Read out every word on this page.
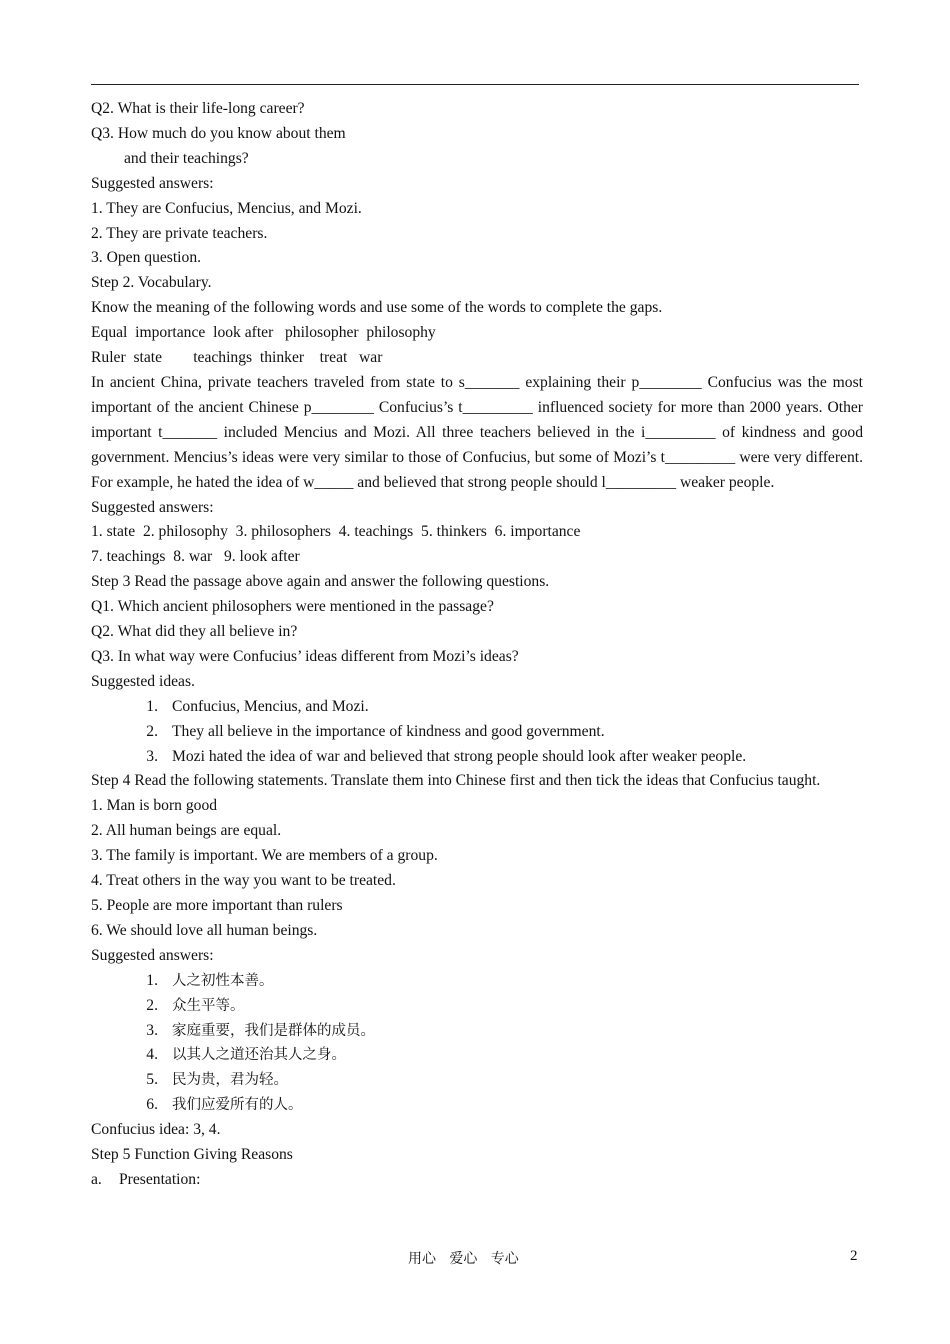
Q2. What is their life-long career?
Q3. How much do you know about them
and their teachings?
Suggested answers:
1. They are Confucius, Mencius, and Mozi.
2. They are private teachers.
3. Open question.
Step 2. Vocabulary.
Know the meaning of the following words and use some of the words to complete the gaps.
Equal  importance  look after   philosopher  philosophy
Ruler  state        teachings  thinker    treat   war
In ancient China, private teachers traveled from state to s_______ explaining their p________ Confucius was the most important of the ancient Chinese p________ Confucius’s t_________ influenced society for more than 2000 years. Other important t_______ included Mencius and Mozi. All three teachers believed in the i_________ of kindness and good government. Mencius’s ideas were very similar to those of Confucius, but some of Mozi’s t_________ were very different. For example, he hated the idea of w_____ and believed that strong people should l_________ weaker people.
Suggested answers:
1. state  2. philosophy  3. philosophers  4. teachings  5. thinkers  6. importance
7. teachings  8. war   9. look after
Step 3 Read the passage above again and answer the following questions.
Q1. Which ancient philosophers were mentioned in the passage?
Q2. What did they all believe in?
Q3. In what way were Confucius’ ideas different from Mozi’s ideas?
Suggested ideas.
1. Confucius, Mencius, and Mozi.
2. They all believe in the importance of kindness and good government.
3. Mozi hated the idea of war and believed that strong people should look after weaker people.
Step 4 Read the following statements. Translate them into Chinese first and then tick the ideas that Confucius taught.
1. Man is born good
2. All human beings are equal.
3. The family is important. We are members of a group.
4. Treat others in the way you want to be treated.
5. People are more important than rulers
6. We should love all human beings.
Suggested answers:
1. 人之初性本善。
2. 众生平等。
3. 家庭重要，我们是群体的成员。
4. 以其人之道还治其人之身。
5. 民为贵，君为轻。
6. 我们应爱所有的人。
Confucius idea: 3, 4.
Step 5 Function Giving Reasons
a.	Presentation:
用心   爱心   专心	2
